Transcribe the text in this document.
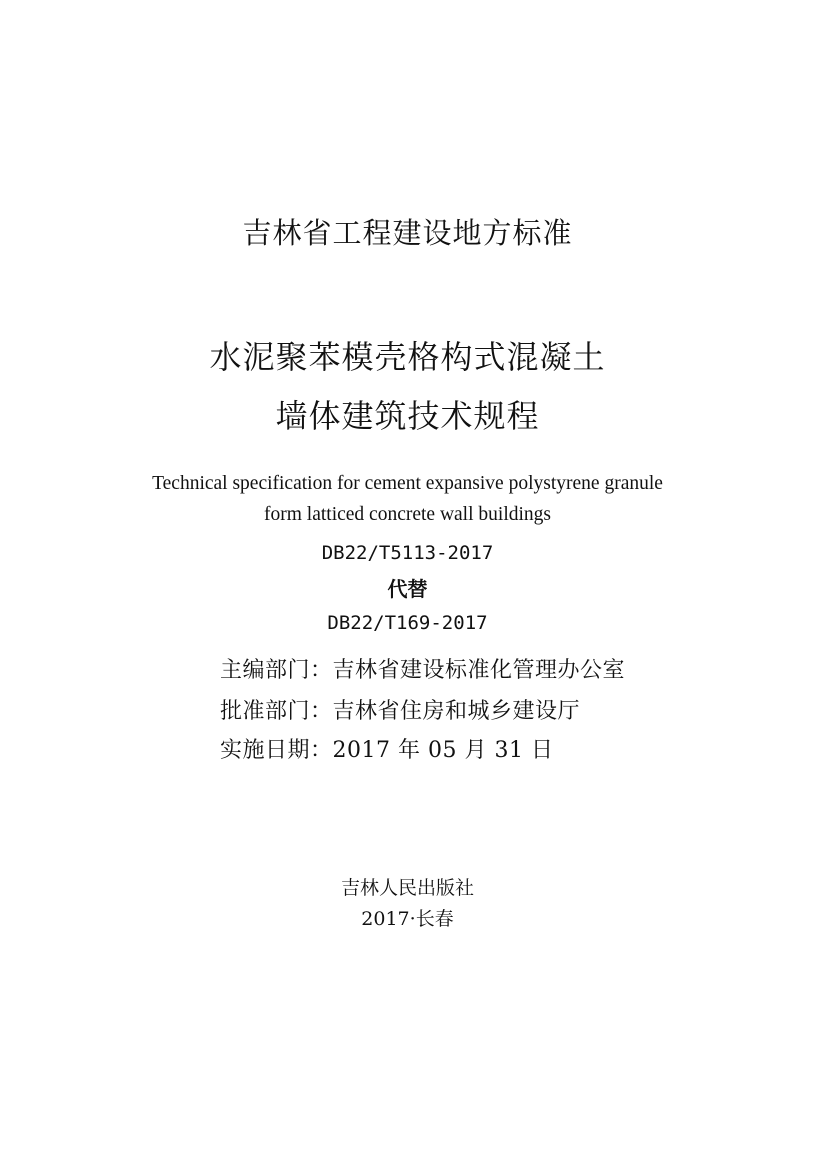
吉林省工程建设地方标准
水泥聚苯模壳格构式混凝土
墙体建筑技术规程
Technical specification for cement expansive polystyrene granule
form latticed concrete wall buildings
DB22/T5113-2017
代替
DB22/T169-2017
主编部门：吉林省建设标准化管理办公室
批准部门：吉林省住房和城乡建设厅
实施日期：2017 年 05 月 31 日
吉林人民出版社
2017·长春
